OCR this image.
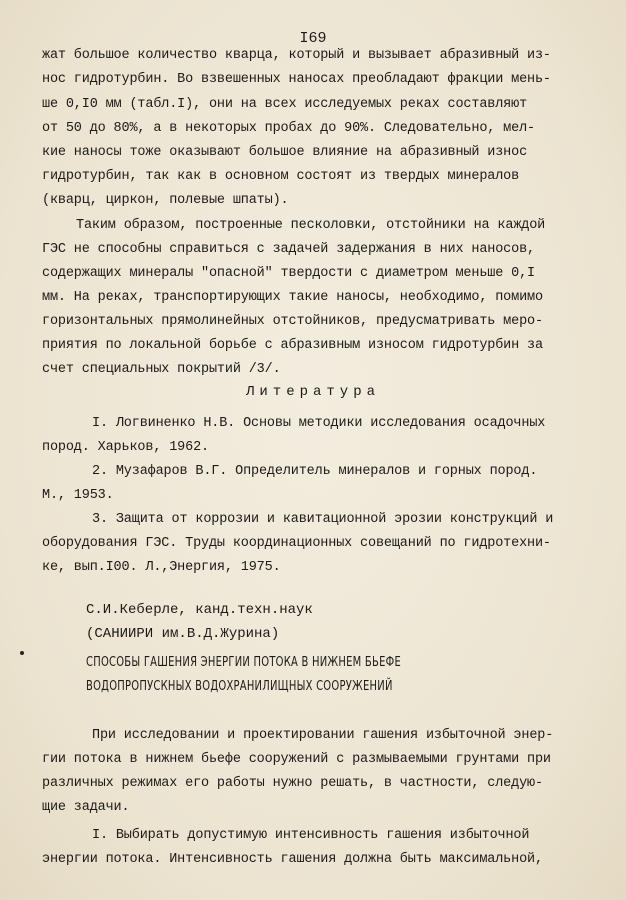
I69
жат большое количество кварца, который и вызывает абразивный из-
нос гидротурбин. Во взвешенных наносах преобладают фракции мень-
ше 0,I0 мм (табл.I), они на всех исследуемых реках составляют
от 50 до 80%, а в некоторых пробах до 90%. Следовательно, мел-
кие наносы тоже оказывают большое влияние на абразивный износ
гидротурбин, так как в основном состоят из твердых минералов
(кварц, циркон, полевые шпаты).
Таким образом, построенные песколовки, отстойники на каждой
ГЭС не способны справиться с задачей задержания в них наносов,
содержащих минералы "опасной" твердости с диаметром меньше 0,I
мм. На реках, транспортирующих такие наносы, необходимо, помимо
горизонтальных прямолинейных отстойников, предусматривать меро-
приятия по локальной борьбе с абразивным износом гидротурбин за
счет специальных покрытий /3/.
Литература
I. Логвиненко Н.В. Основы методики исследования осадочных
пород. Харьков, 1962.
2. Музафаров В.Г. Определитель минералов и горных пород.
М., 1953.
3. Защита от коррозии и кавитационной эрозии конструкций и
оборудования ГЭС. Труды координационных совещаний по гидротехни-
ке, вып.I00. Л.,Энергия, 1975.
С.И.Кеберле, канд.техн.наук
(САНИИРИ им.В.Д.Журина)
СПОСОБЫ ГАШЕНИЯ ЭНЕРГИИ ПОТОКА В НИЖНЕМ БЬЕФЕ
ВОДОПРОПУСКНЫХ ВОДОХРАНИЛИЩНЫХ СООРУЖЕНИЙ
При исследовании и проектировании гашения избыточной энер-
гии потока в нижнем бьефе сооружений с размываемыми грунтами при
различных режимах его работы нужно решать, в частности, следую-
щие задачи.
I. Выбирать допустимую интенсивность гашения избыточной
энергии потока. Интенсивность гашения должна быть максимальной,
